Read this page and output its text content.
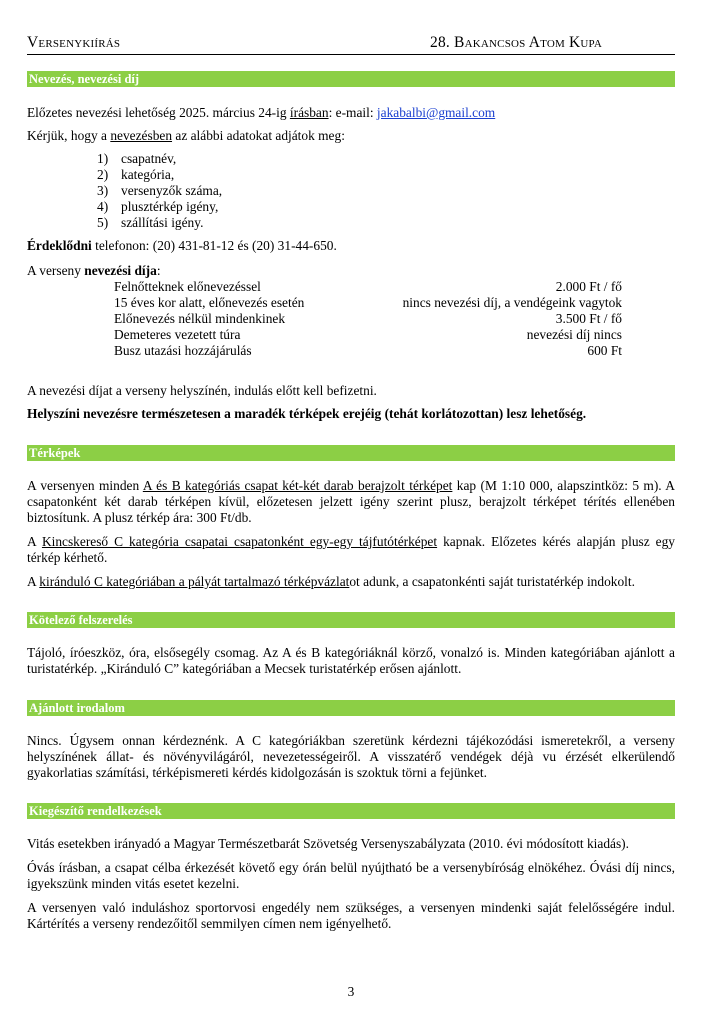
Versenykiírás	28. Bakancsos Atom Kupa
Nevezés, nevezési díj

Előzetes nevezési lehetőség 2025. március 24-ig írásban: e-mail: jakabalbi@gmail.com

Kérjük, hogy a nevezésben az alábbi adatokat adjátok meg:

1) csapatnév,
2) kategória,
3) versenyzők száma,
4) plusztérkép igény,
5) szállítási igény.

Érdeklődni telefonon: (20) 431-81-12 és (20) 31-44-650.

A verseny nevezési díja:

Felnőtteknek előnevezéssel	2.000 Ft / fő
15 éves kor alatt, előnevezés esetén	nincs nevezési díj, a vendégeink vagytok
Előnevezés nélkül mindenkinek	3.500 Ft / fő
Demeteres vezetett túra	nevezési díj nincs
Busz utazási hozzájárulás	600 Ft

A nevezési díjat a verseny helyszínén, indulás előtt kell befizetni.

Helyszíni nevezésre természetesen a maradék térképek erejéig (tehát korlátozottan) lesz lehetőség.

Térképek

A versenyen minden A és B kategóriás csapat két-két darab berajzolt térképet kap (M 1:10 000, alapszintköz: 5 m). A csapatonként két darab térképen kívül, előzetesen jelzett igény szerint plusz, berajzolt térképet térítés ellenében biztosítunk. A plusz térkép ára: 300 Ft/db.

A Kincskereső C kategória csapatai csapatonként egy-egy tájfutótérképet kapnak. Előzetes kérés alapján plusz egy térkép kérhető.

A kiránduló C kategóriában a pályát tartalmazó térképvázlatot adunk, a csapatonkénti saját turistatérkép indokolt.

Kötelező felszerelés

Tájoló, íróeszköz, óra, elsősegély csomag. Az A és B kategóriáknál körző, vonalzó is. Minden kategóriában ajánlott a turistatérkép. „Kiránduló C” kategóriában a Mecsek turistatérkép erősen ajánlott.

Ajánlott irodalom

Nincs. Úgysem onnan kérdeznénk. A C kategóriákban szeretünk kérdezni tájékozódási ismeretekről, a verseny helyszínének állat- és növényvilágáról, nevezetességeiről. A visszatérő vendégek déjà vu érzését elkerülendő gyakorlatias számítási, térképismereti kérdés kidolgozásán is szoktuk törni a fejünket.

Kiegészítő rendelkezések

Vitás esetekben irányadó a Magyar Természetbarát Szövetség Versenyszabályzata (2010. évi módosított kiadás).

Óvás írásban, a csapat célba érkezését követő egy órán belül nyújtható be a versenybíróság elnökéhez. Óvási díj nincs, igyekszünk minden vitás esetet kezelni.

A versenyen való induláshoz sportorvosi engedély nem szükséges, a versenyen mindenki saját felelősségére indul. Kártérítés a verseny rendezőitől semmilyen címen nem igényelhető.

3
